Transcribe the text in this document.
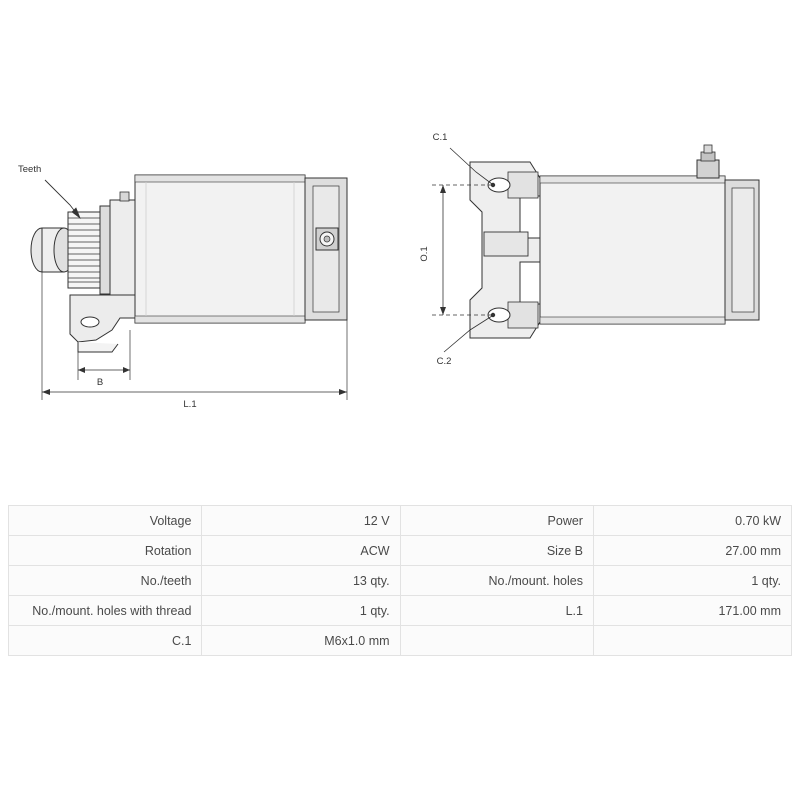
Teeth
B
L.1
C.1
C.2
O.1
Voltage	12 V	Power	0.70 kW
Rotation	ACW	Size B	27.00 mm
No./teeth	13 qty.	No./mount. holes	1 qty.
No./mount. holes with thread	1 qty.	L.1	171.00 mm
C.1	M6x1.0 mm		
